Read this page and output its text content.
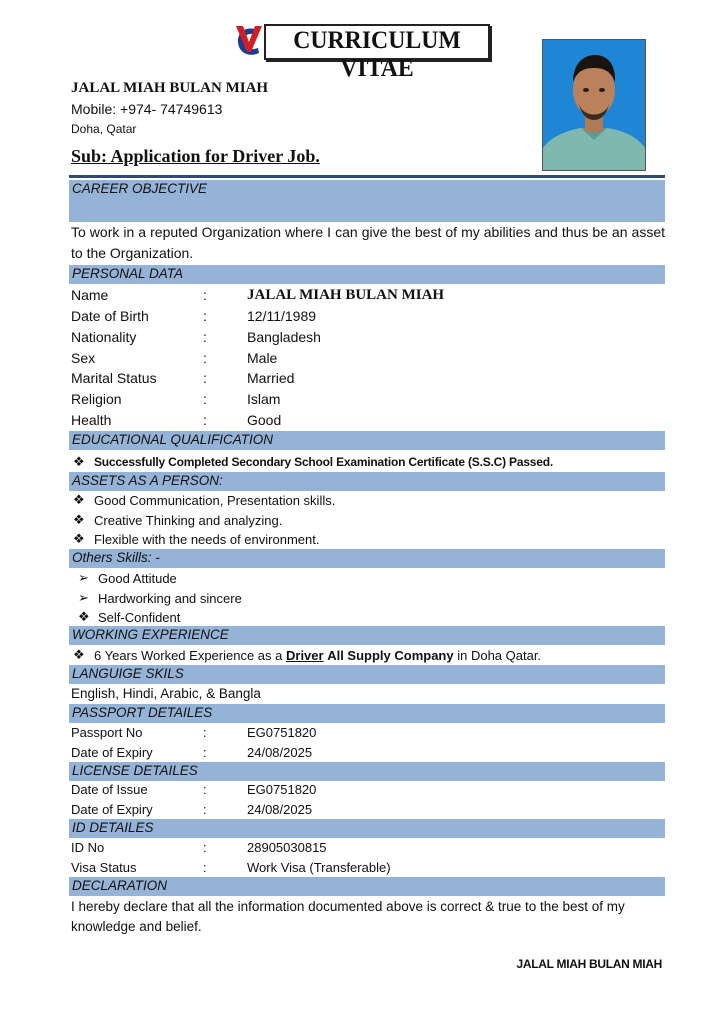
CURRICULUM VITAE
JALAL MIAH BULAN MIAH
Mobile: +974- 74749613
Doha, Qatar
Sub: Application for Driver Job.
CAREER OBJECTIVE
To work in a reputed Organization where I can give the best of my abilities and thus be an asset to the Organization.
PERSONAL DATA
Name	:	JALAL MIAH BULAN MIAH
Date of Birth	:	12/11/1989
Nationality	:	Bangladesh
Sex	:	Male
Marital Status	:	Married
Religion	:	Islam
Health	:	Good
EDUCATIONAL QUALIFICATION
❖ Successfully Completed Secondary School Examination Certificate (S.S.C) Passed.
ASSETS AS A PERSON:
❖ Good Communication, Presentation skills.
❖ Creative Thinking and analyzing.
❖ Flexible with the needs of environment.
Others Skills: -
➢ Good Attitude
➢ Hardworking and sincere
❖ Self-Confident
WORKING EXPERIENCE
❖ 6 Years Worked Experience as a Driver All Supply Company in Doha Qatar.
LANGUIGE SKILS
English, Hindi, Arabic, & Bangla
PASSPORT DETAILES
Passport No	:	EG0751820
Date of Expiry	:	24/08/2025
LICENSE DETAILES
Date of Issue	:	EG0751820
Date of Expiry	:	24/08/2025
ID DETAILES
ID No	:	28905030815
Visa Status	:	Work Visa (Transferable)
DECLARATION
I hereby declare that all the information documented above is correct & true to the best of my knowledge and belief.
JALAL MIAH BULAN MIAH
